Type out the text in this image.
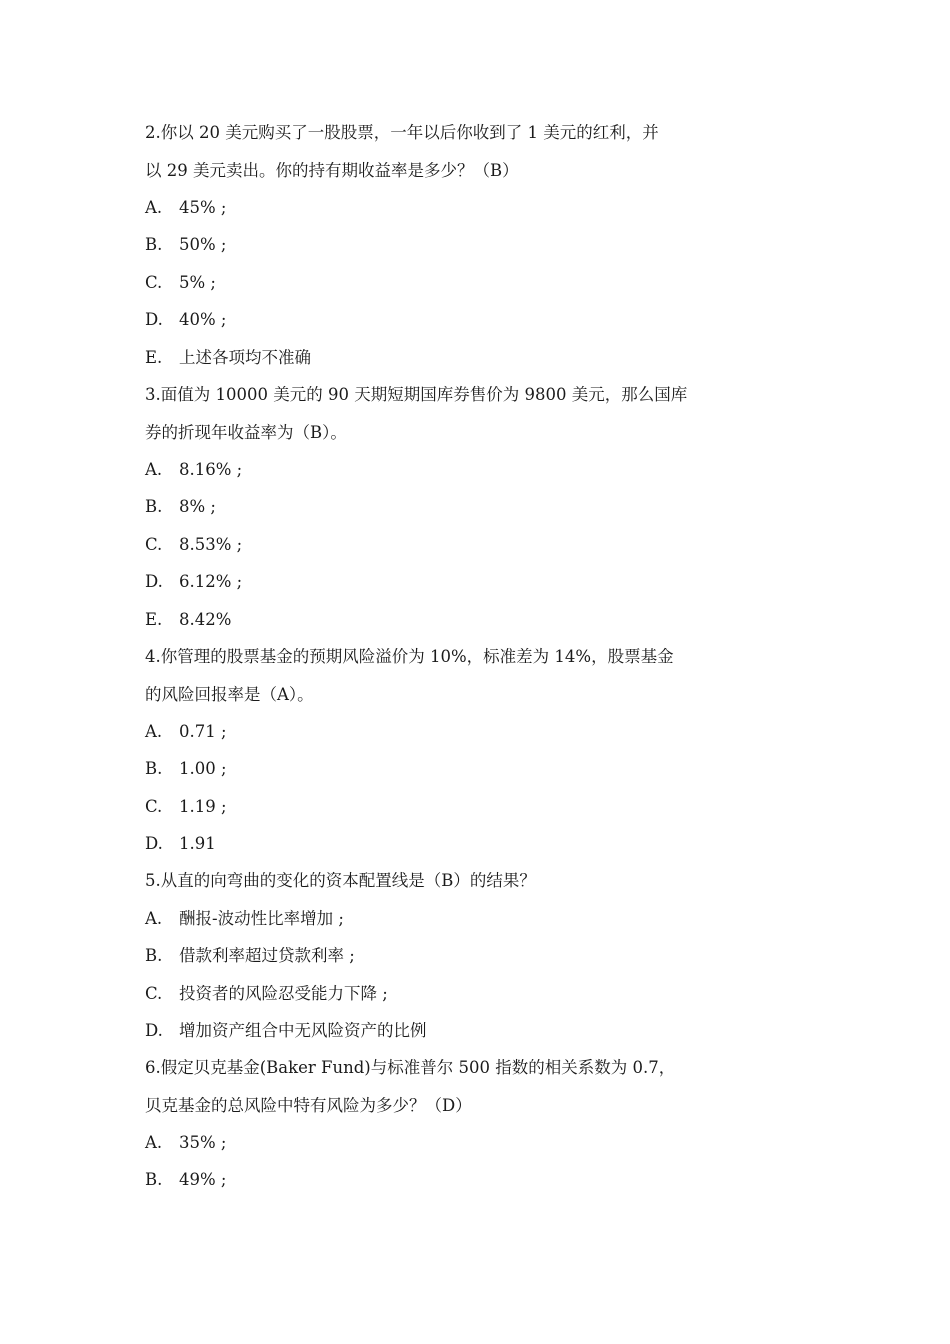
2.你以 20 美元购买了一股股票，一年以后你收到了 1 美元的红利，并
以 29 美元卖出。你的持有期收益率是多少？（B）
A. 45% ;
B. 50% ;
C. 5% ;
D. 40% ;
E. 上述各项均不准确
3.面值为 10000 美元的 90 天期短期国库券售价为 9800 美元，那么国库
券的折现年收益率为（B）。
A. 8.16% ;
B. 8% ;
C. 8.53% ;
D. 6.12% ;
E. 8.42%
4.你管理的股票基金的预期风险溢价为 10%，标准差为 14%，股票基金
的风险回报率是（A）。
A. 0.71 ;
B. 1.00 ;
C. 1.19 ;
D. 1.91
5.从直的向弯曲的变化的资本配置线是（B）的结果？
A. 酬报-波动性比率增加 ;
B. 借款利率超过贷款利率 ;
C. 投资者的风险忍受能力下降 ;
D. 增加资产组合中无风险资产的比例
6.假定贝克基金(Baker Fund)与标准普尔 500 指数的相关系数为 0.7，
贝克基金的总风险中特有风险为多少？（D）
A. 35% ;
B. 49% ;
